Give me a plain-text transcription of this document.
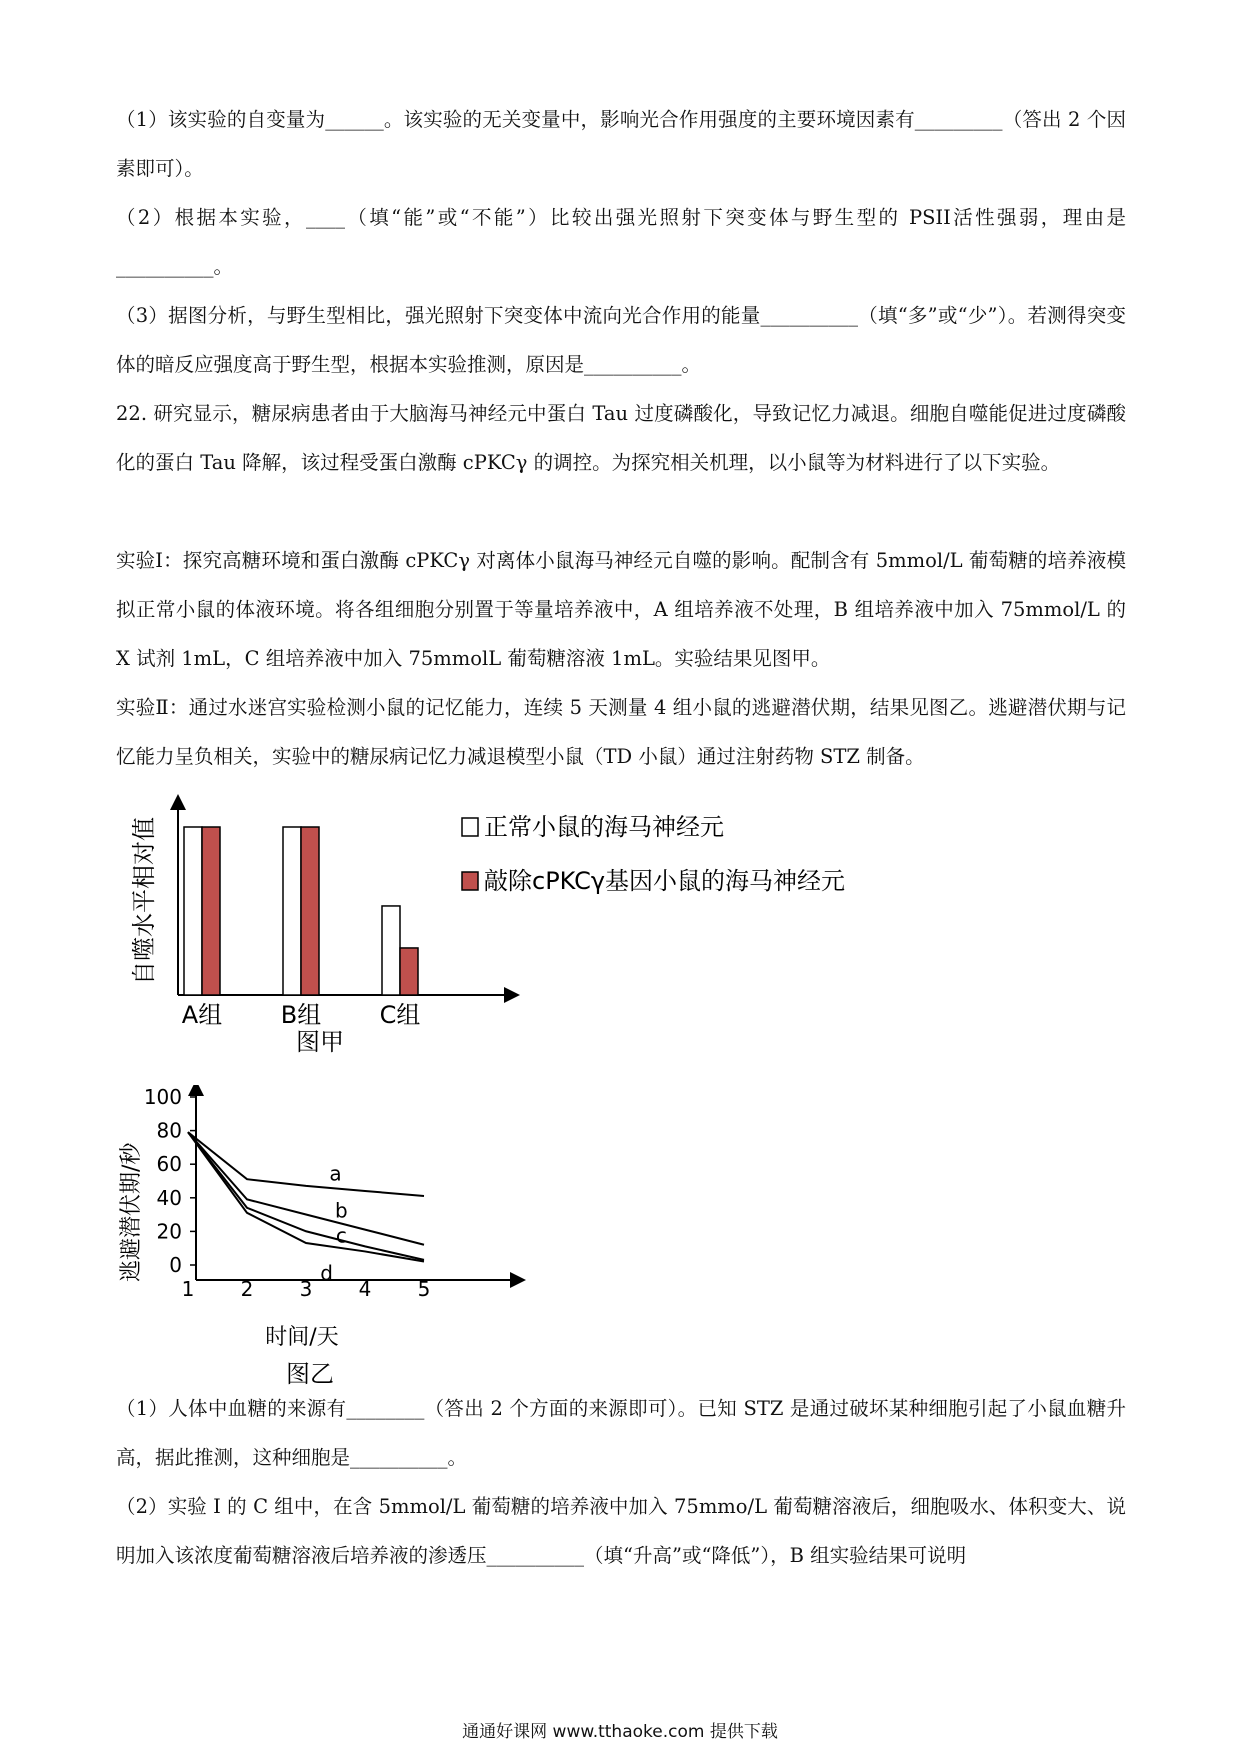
（1）该实验的自变量为______。该实验的无关变量中，影响光合作用强度的主要环境因素有_________（答出 2 个因素即可）。

（2）根据本实验，____（填“能”或“不能”）比较出强光照射下突变体与野生型的 PSII活性强弱，理由是__________。

（3）据图分析，与野生型相比，强光照射下突变体中流向光合作用的能量__________（填“多”或“少”）。若测得突变体的暗反应强度高于野生型，根据本实验推测，原因是__________。

22. 研究显示，糖尿病患者由于大脑海马神经元中蛋白 Tau 过度磷酸化，导致记忆力减退。细胞自噬能促进过度磷酸化的蛋白 Tau 降解，该过程受蛋白激酶 cPKCγ 的调控。为探究相关机理，以小鼠等为材料进行了以下实验。

实验Ⅰ：探究高糖环境和蛋白激酶 cPKCγ 对离体小鼠海马神经元自噬的影响。配制含有 5mmol/L 葡萄糖的培养液模拟正常小鼠的体液环境。将各组细胞分别置于等量培养液中，A 组培养液不处理，B 组培养液中加入 75mmol/L 的 X 试剂 1mL，C 组培养液中加入 75mmolL 葡萄糖溶液 1mL。实验结果见图甲。

实验Ⅱ：通过水迷宫实验检测小鼠的记忆能力，连续 5 天测量 4 组小鼠的逃避潜伏期，结果见图乙。逃避潜伏期与记忆能力呈负相关，实验中的糖尿病记忆力减退模型小鼠（TD 小鼠）通过注射药物 STZ 制备。

自噬水平相对值
A组 B组 C组
图甲
正常小鼠的海马神经元
敲除cPKCγ基因小鼠的海马神经元
逃避潜伏期/秒 0
20
40
60
80
100
1 2 3 4 5
a
b
c
d
时间/天
图乙

（1）人体中血糖的来源有________（答出 2 个方面的来源即可）。已知 STZ 是通过破坏某种细胞引起了小鼠血糖升高，据此推测，这种细胞是__________。

（2）实验 I 的 C 组中，在含 5mmol/L 葡萄糖的培养液中加入 75mmo/L 葡萄糖溶液后，细胞吸水、体积变大、说明加入该浓度葡萄糖溶液后培养液的渗透压__________（填“升高”或“降低”），B 组实验结果可说明

通通好课网 www.tthaoke.com 提供下载
